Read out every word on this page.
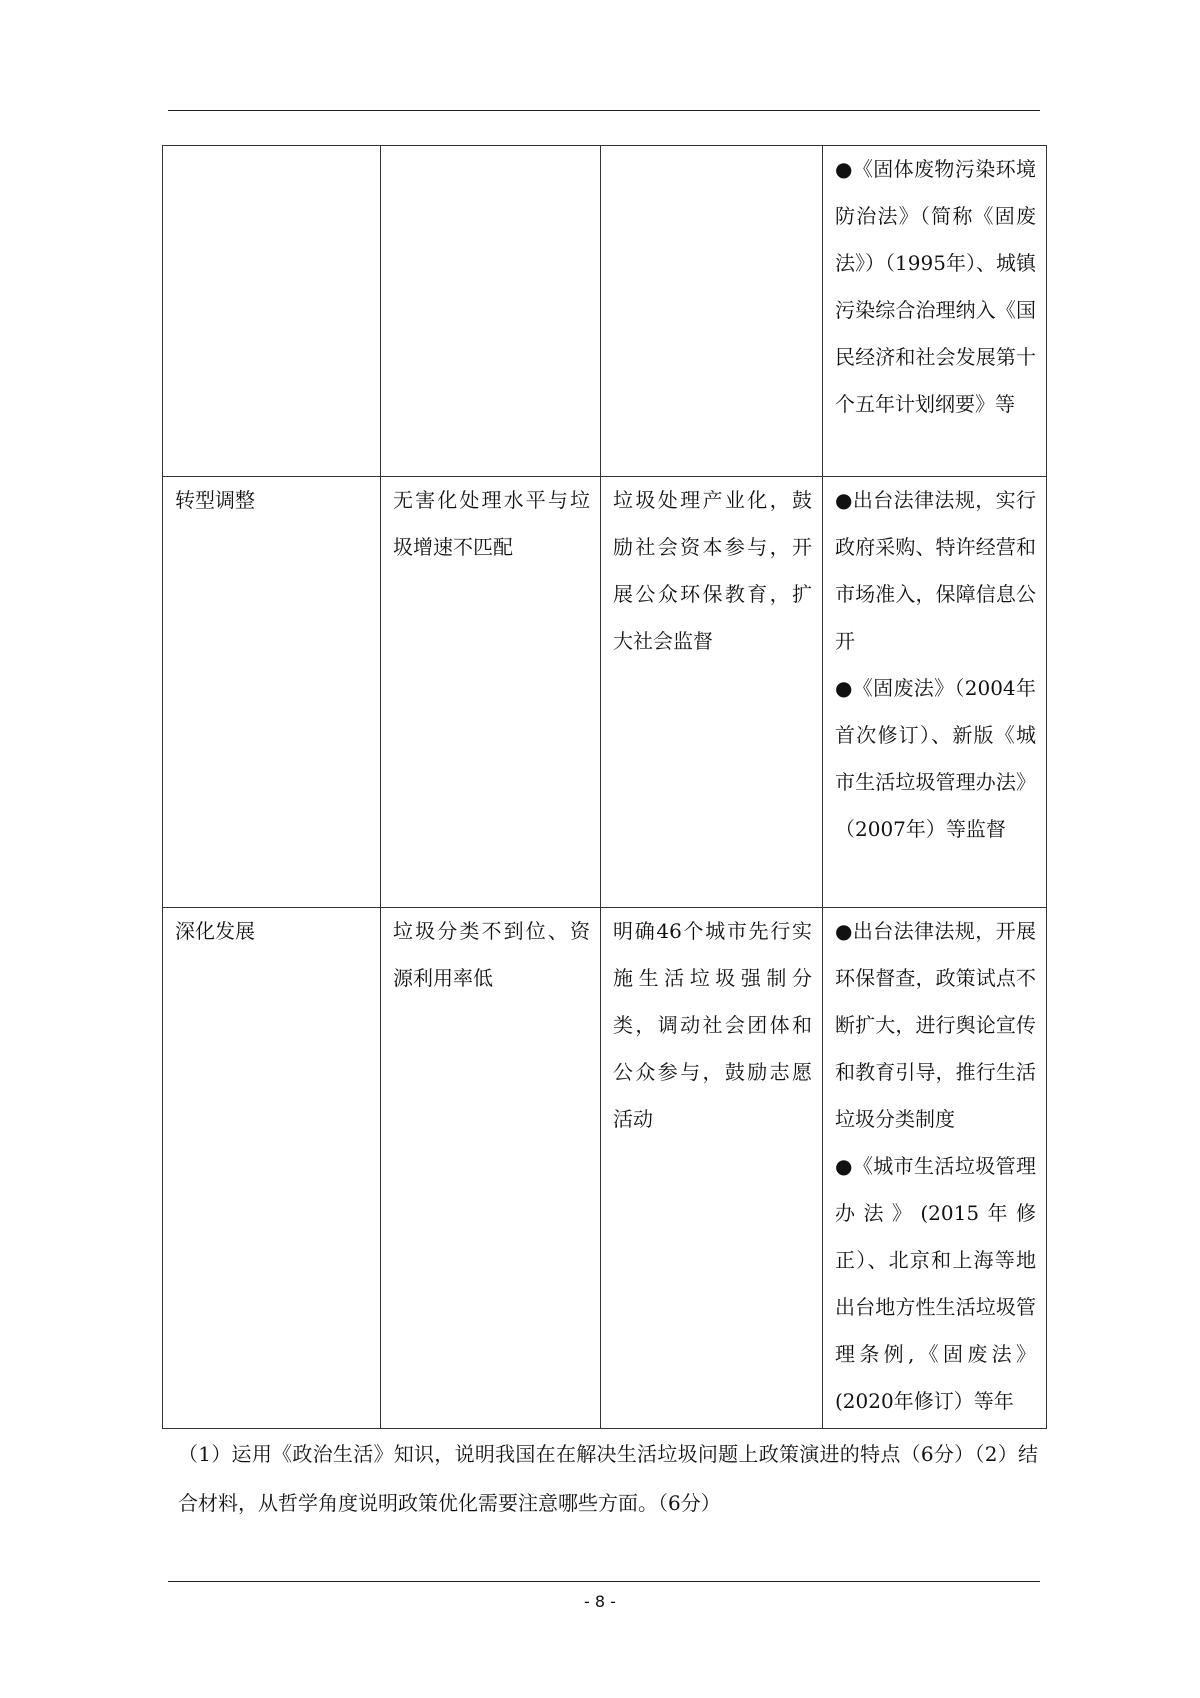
			●《固体废物污染环境防治法》（简称《固废法》）（1995年）、城镇污染综合治理纳入《国民经济和社会发展第十个五年计划纲要》等

转型调整	无害化处理水平与垃圾增速不匹配	垃圾处理产业化，鼓励社会资本参与，开展公众环保教育，扩大社会监督	●出台法律法规，实行政府采购、特许经营和市场准入，保障信息公开
●《固废法》（2004年首次修订）、新版《城市生活垃圾管理办法》（2007年）等监督

深化发展	垃圾分类不到位、资源利用率低	明确46个城市先行实施生活垃圾强制分类，调动社会团体和公众参与，鼓励志愿活动	●出台法律法规，开展环保督查，政策试点不断扩大，进行舆论宣传和教育引导，推行生活垃圾分类制度
●《城市生活垃圾管理办法》(2015年修正）、北京和上海等地出台地方性生活垃圾管理条例,《固废法》(2020年修订）等年
（1）运用《政治生活》知识，说明我国在在解决生活垃圾问题上政策演进的特点（6分）（2）结合材料，从哲学角度说明政策优化需要注意哪些方面。（6分）
- 8 -
